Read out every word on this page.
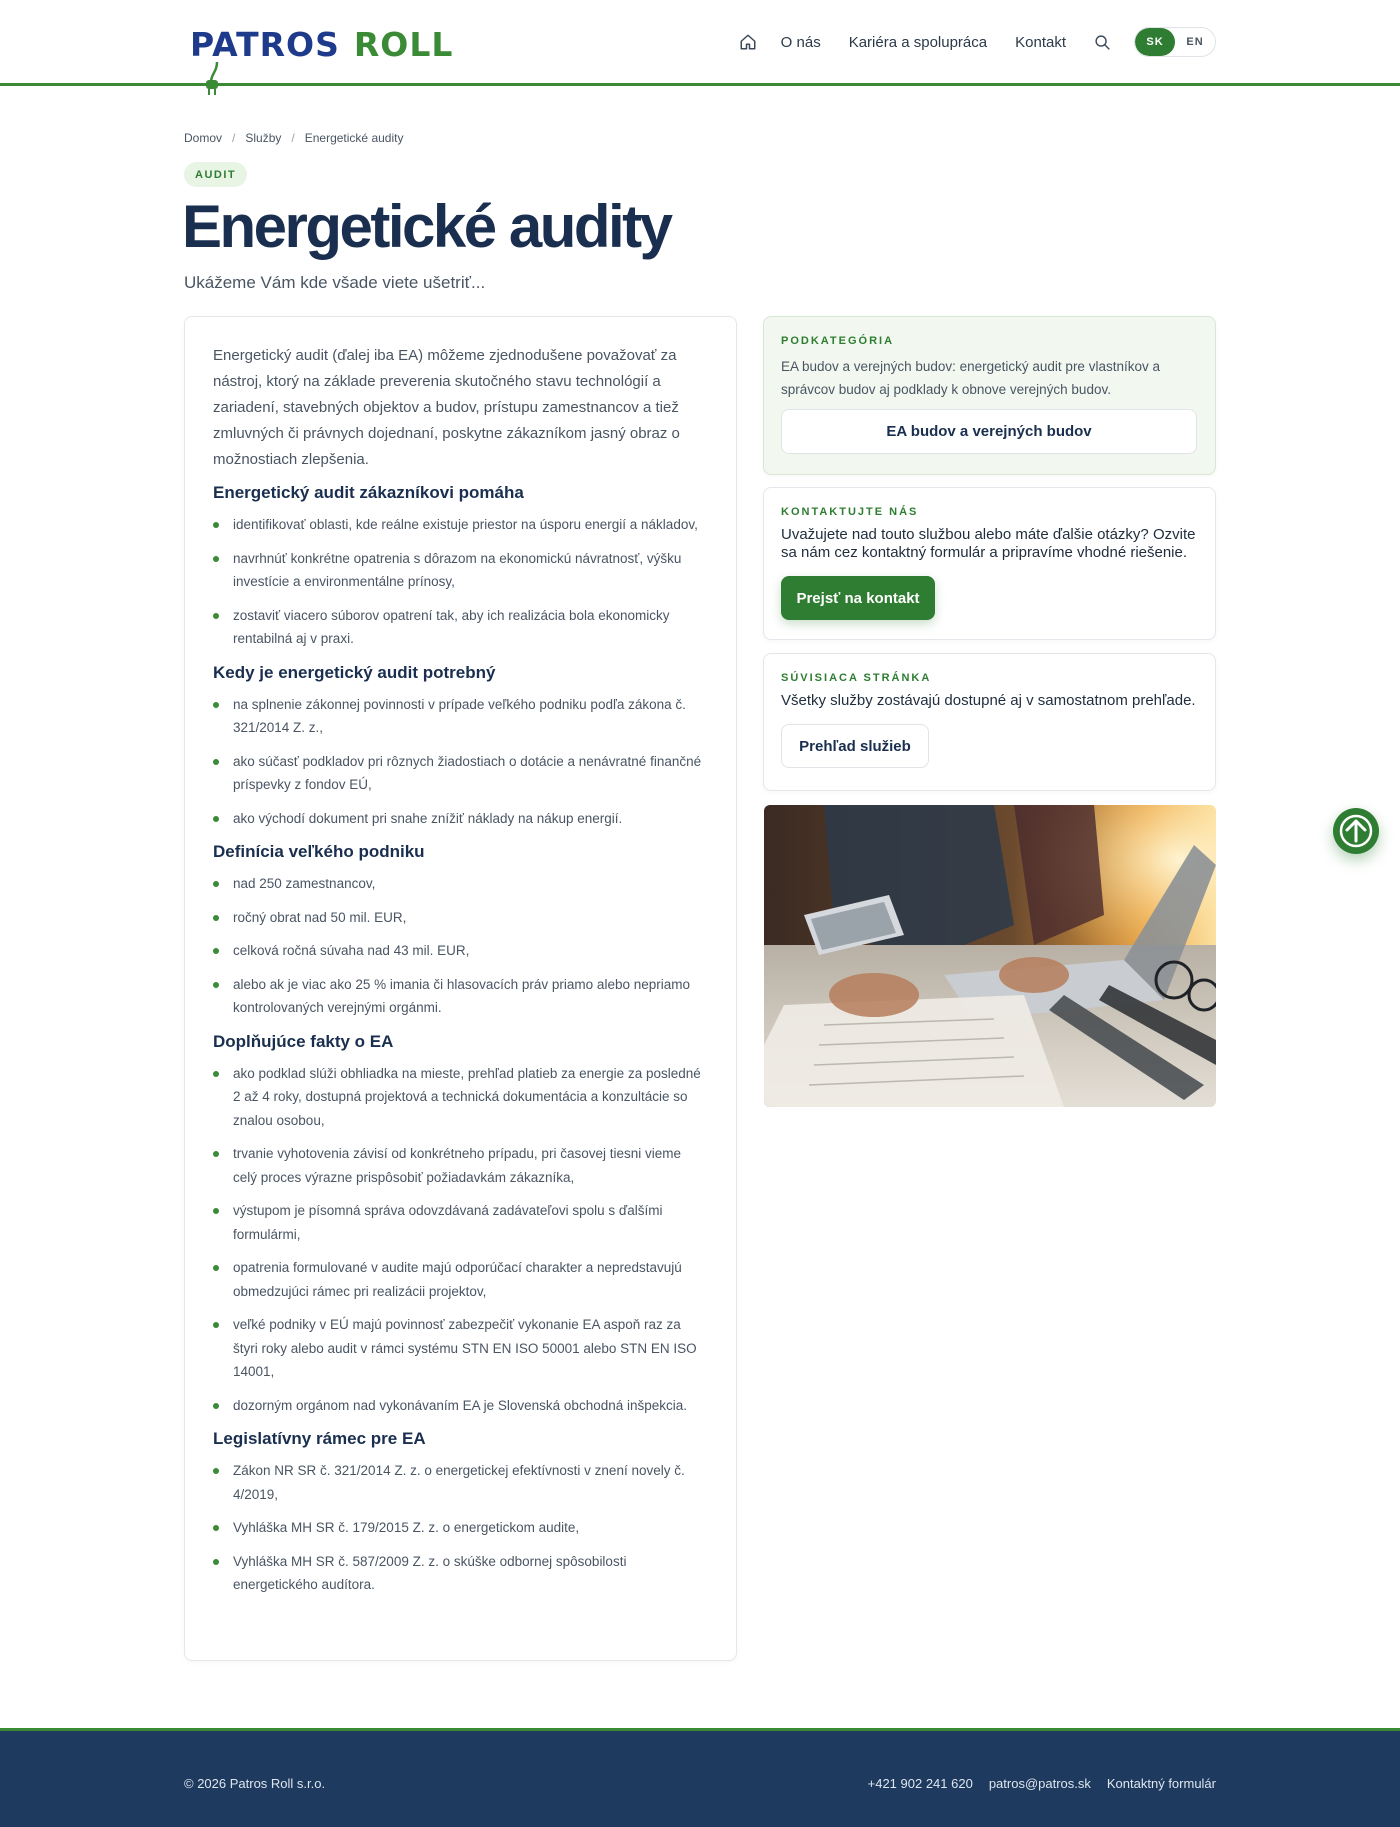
PATROS ROLL	O nás Kariéra a spolupráca Kontakt	SK	EN
Domov / Služby / Energetické audity
AUDIT
Energetické audity

Ukážeme Vám kde všade viete ušetriť...

Energetický audit (ďalej iba EA) môžeme zjednodušene považovať za nástroj, ktorý na základe preverenia skutočného stavu technológií a zariadení, stavebných objektov a budov, prístupu zamestnancov a tiež zmluvných či právnych dojednaní, poskytne zákazníkom jasný obraz o možnostiach zlepšenia.

Energetický audit zákazníkovi pomáha
identifikovať oblasti, kde reálne existuje priestor na úsporu energií a nákladov,
navrhnúť konkrétne opatrenia s dôrazom na ekonomickú návratnosť, výšku investície a environmentálne prínosy,
zostaviť viacero súborov opatrení tak, aby ich realizácia bola ekonomicky rentabilná aj v praxi.
Kedy je energetický audit potrebný
na splnenie zákonnej povinnosti v prípade veľkého podniku podľa zákona č. 321/2014 Z. z.,
ako súčasť podkladov pri rôznych žiadostiach o dotácie a nenávratné finančné príspevky z fondov EÚ,
ako východí dokument pri snahe znížiť náklady na nákup energií.
Definícia veľkého podniku
nad 250 zamestnancov,
ročný obrat nad 50 mil. EUR,
celková ročná súvaha nad 43 mil. EUR,
alebo ak je viac ako 25 % imania či hlasovacích práv priamo alebo nepriamo kontrolovaných verejnými orgánmi.
Doplňujúce fakty o EA
ako podklad slúži obhliadka na mieste, prehľad platieb za energie za posledné 2 až 4 roky, dostupná projektová a technická dokumentácia a konzultácie so znalou osobou,
trvanie vyhotovenia závisí od konkrétneho prípadu, pri časovej tiesni vieme celý proces výrazne prispôsobiť požiadavkám zákazníka,
výstupom je písomná správa odovzdávaná zadávateľovi spolu s ďalšími formulármi,
opatrenia formulované v audite majú odporúčací charakter a nepredstavujú obmedzujúci rámec pri realizácii projektov,
veľké podniky v EÚ majú povinnosť zabezpečiť vykonanie EA aspoň raz za štyri roky alebo audit v rámci systému STN EN ISO 50001 alebo STN EN ISO 14001,
dozorným orgánom nad vykonávaním EA je Slovenská obchodná inšpekcia.
Legislatívny rámec pre EA
Zákon NR SR č. 321/2014 Z. z. o energetickej efektívnosti v znení novely č. 4/2019,
Vyhláška MH SR č. 179/2015 Z. z. o energetickom audite,
Vyhláška MH SR č. 587/2009 Z. z. o skúške odbornej spôsobilosti energetického audítora.
PODKATEGÓRIA
EA budov a verejných budov: energetický audit pre vlastníkov a správcov budov aj podklady k obnove verejných budov.
EA budov a verejných budov
KONTAKTUJTE NÁS
Uvažujete nad touto službou alebo máte ďalšie otázky? Ozvite sa nám cez kontaktný formulár a pripravíme vhodné riešenie.
Prejsť na kontakt
SÚVISIACA STRÁNKA
Všetky služby zostávajú dostupné aj v samostatnom prehľade.
Prehľad služieb
© 2026 Patros Roll s.r.o.	+421 902 241 620 patros@patros.sk Kontaktný formulár
